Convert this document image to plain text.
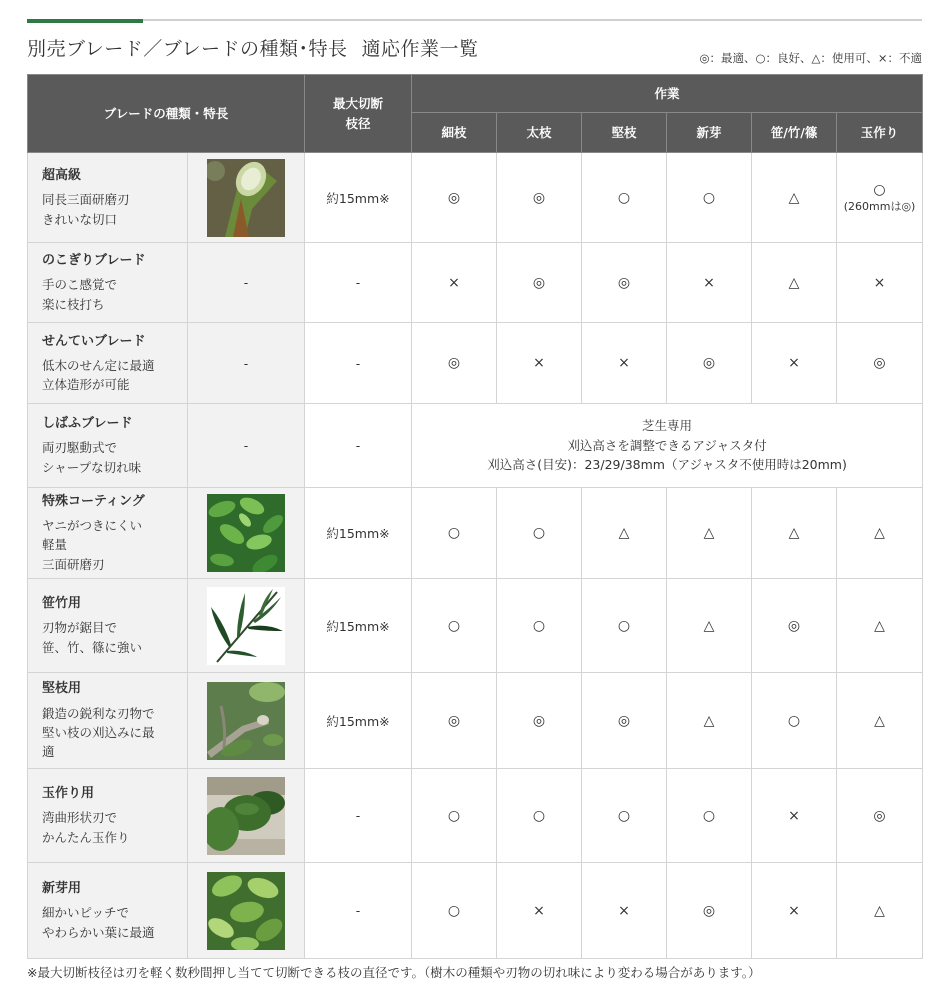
別売ブレード／ブレードの種類･特長 適応作業一覧	◎：最適、○：良好、△：使用可、×：不適
ブレードの種類・特長		最大切断
枝径	作業					
			細枝	太枝	堅枝	新芽	笹/竹/篠	玉作り

超高級
同長三面研磨刃
きれいな切口		約15mm※	◎	◎	○	○	△	○
(260mmは◎)

のこぎりブレード
手のこ感覚で
楽に枝打ち	-	-	×	◎	◎	×	△	×

せんていブレード
低木のせん定に最適
立体造形が可能	-	-	◎	×	×	◎	×	◎

しばふブレード
両刃駆動式で
シャープな切れ味	-	-	芝生専用
刈込高さを調整できるアジャスタ付
刈込高さ(目安)：23/29/38mm（アジャスタ不使用時は20mm)					

特殊コーティング
ヤニがつきにくい
軽量
三面研磨刃		約15mm※	○	○	△	△	△	△

笹竹用
刃物が鋸目で
笹、竹、篠に強い		約15mm※	○	○	○	△	◎	△

堅枝用
鍛造の鋭利な刃物で
堅い枝の刈込みに最
適		約15mm※	◎	◎	◎	△	○	△

玉作り用
湾曲形状刃で
かんたん玉作り		-	○	○	○	○	×	◎

新芽用
細かいピッチで
やわらかい葉に最適		-	○	×	×	◎	×	△
※最大切断枝径は刃を軽く数秒間押し当てて切断できる枝の直径です。（樹木の種類や刃物の切れ味により変わる場合があります。）
